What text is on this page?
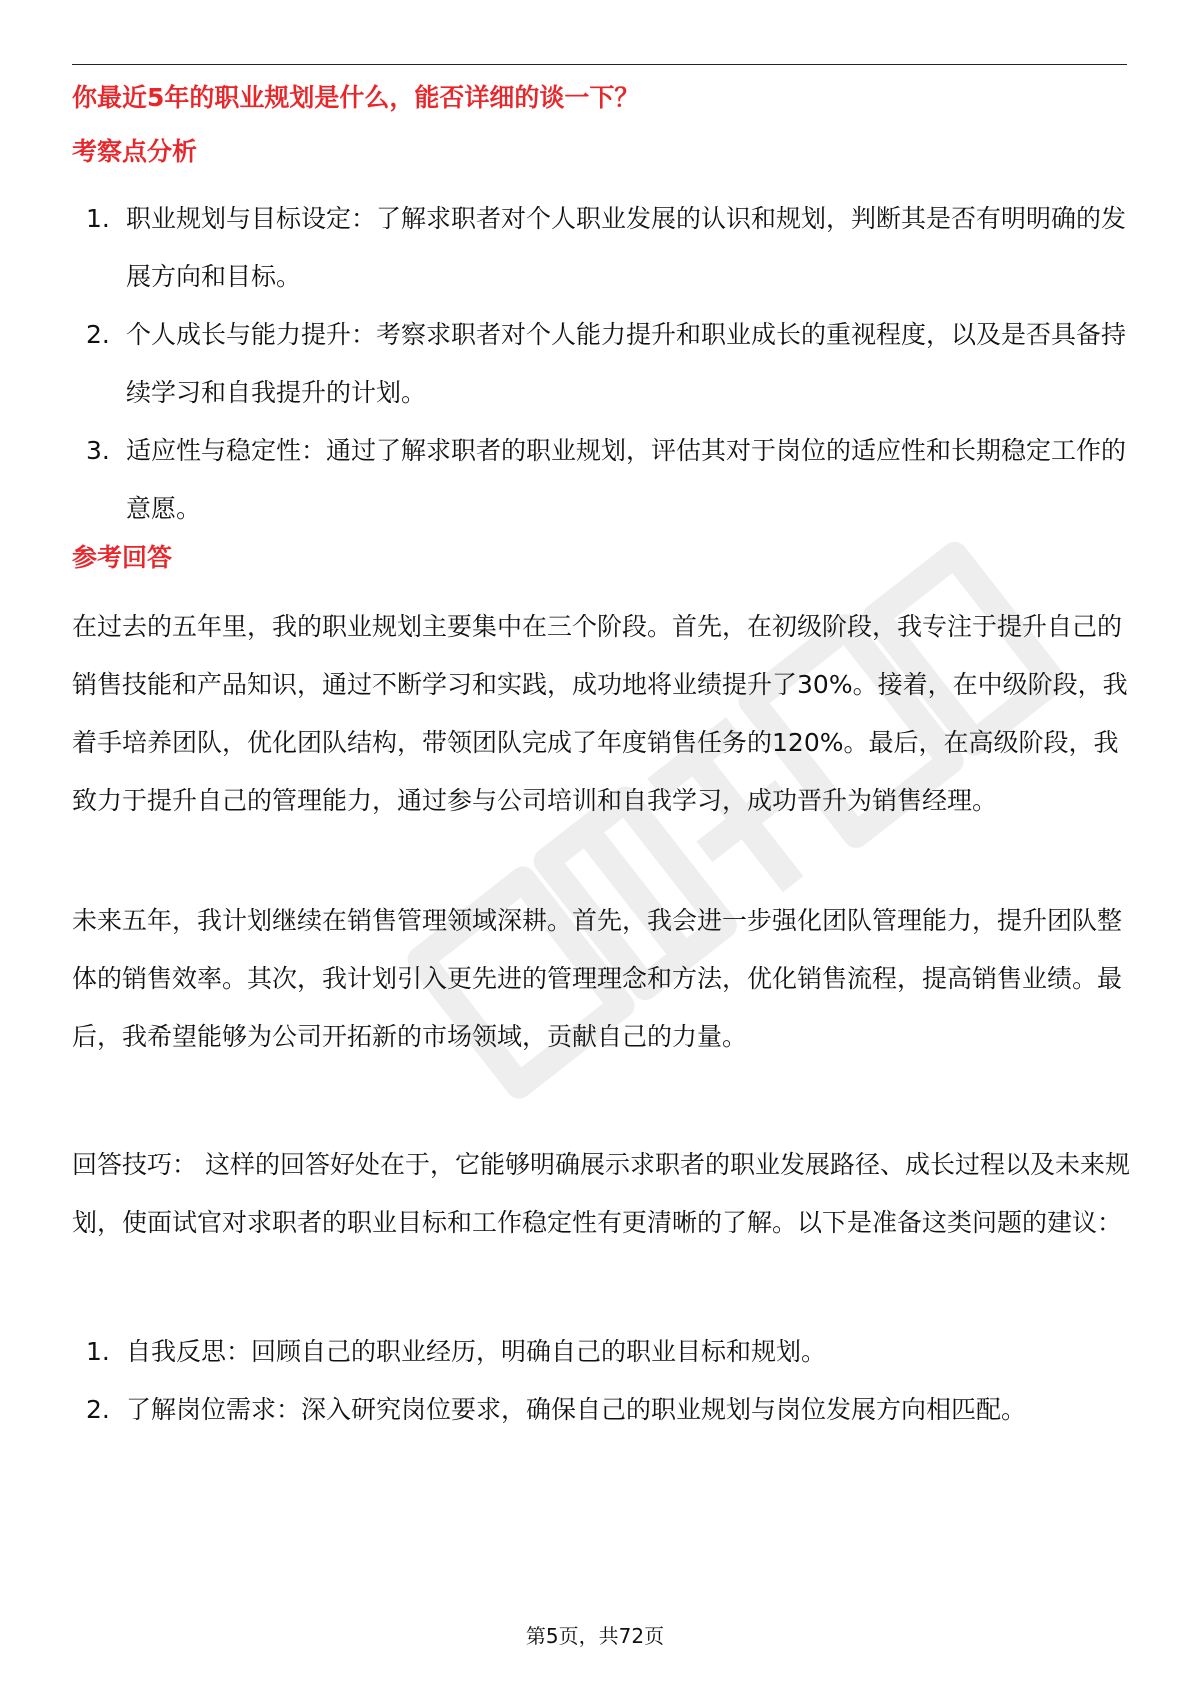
你最近5年的职业规划是什么，能否详细的谈一下？
考察点分析
1. 职业规划与目标设定：了解求职者对个人职业发展的认识和规划，判断其是否有明明确的发展方向和目标。
2. 个人成长与能力提升：考察求职者对个人能力提升和职业成长的重视程度，以及是否具备持续学习和自我提升的计划。
3. 适应性与稳定性：通过了解求职者的职业规划，评估其对于岗位的适应性和长期稳定工作的意愿。
参考回答

在过去的五年里，我的职业规划主要集中在三个阶段。首先，在初级阶段，我专注于提升自己的销售技能和产品知识，通过不断学习和实践，成功地将业绩提升了30%。接着，在中级阶段，我着手培养团队，优化团队结构，带领团队完成了年度销售任务的120%。最后，在高级阶段，我致力于提升自己的管理能力，通过参与公司培训和自我学习，成功晋升为销售经理。

未来五年，我计划继续在销售管理领域深耕。首先，我会进一步强化团队管理能力，提升团队整体的销售效率。其次，我计划引入更先进的管理理念和方法，优化销售流程，提高销售业绩。最后，我希望能够为公司开拓新的市场领域，贡献自己的力量。

回答技巧： 这样的回答好处在于，它能够明确展示求职者的职业发展路径、成长过程以及未来规划，使面试官对求职者的职业目标和工作稳定性有更清晰的了解。以下是准备这类问题的建议：

1. 自我反思：回顾自己的职业经历，明确自己的职业目标和规划。
2. 了解岗位需求：深入研究岗位要求，确保自己的职业规划与岗位发展方向相匹配。
第5页，共72页
